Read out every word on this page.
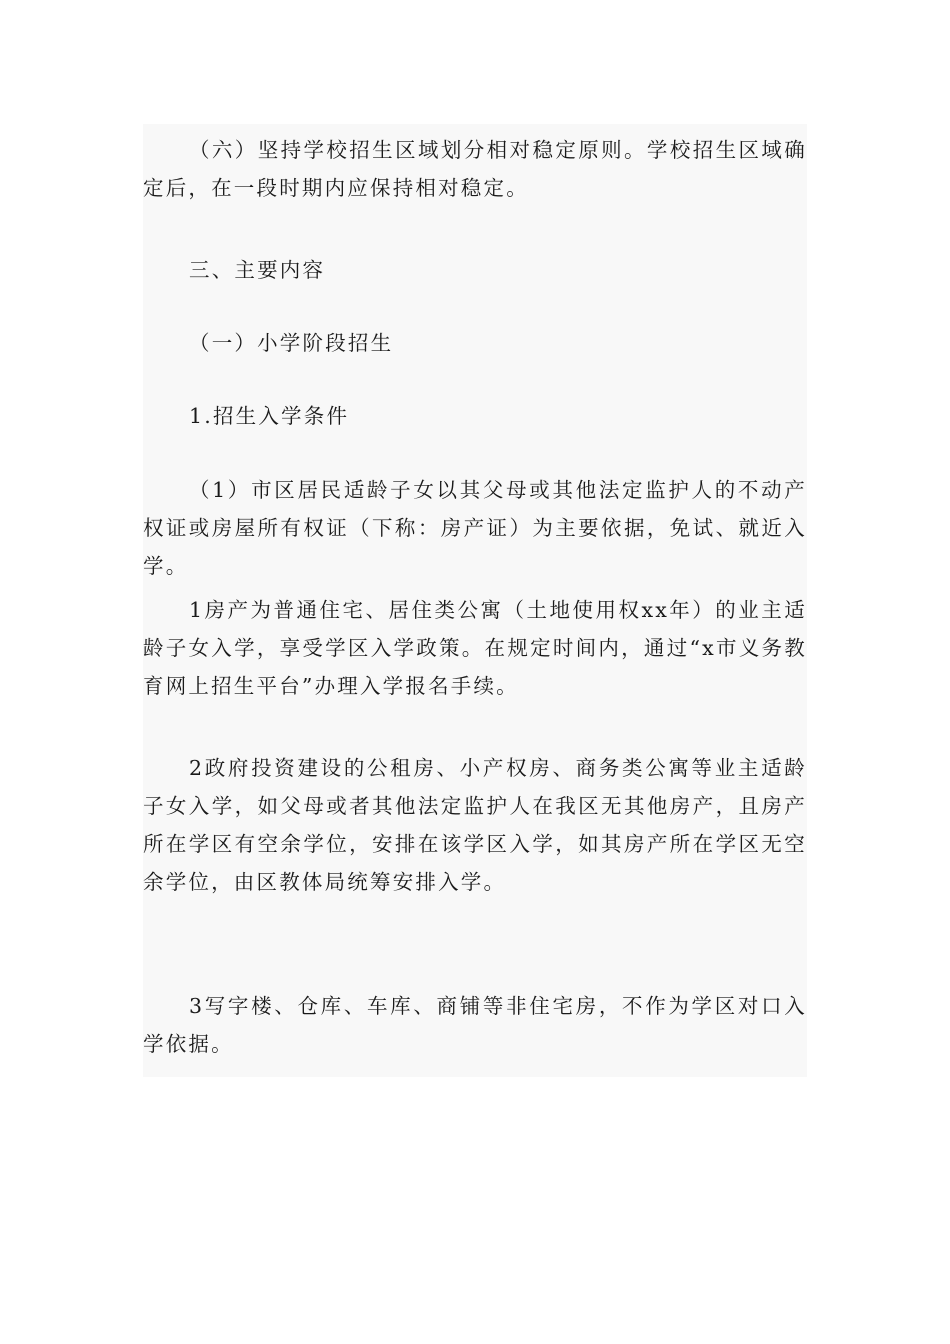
（六）坚持学校招生区域划分相对稳定原则。学校招生区域确定后，在一段时期内应保持相对稳定。

三、主要内容

（一）小学阶段招生

1.招生入学条件

（1）市区居民适龄子女以其父母或其他法定监护人的不动产权证或房屋所有权证（下称：房产证）为主要依据，免试、就近入学。

1房产为普通住宅、居住类公寓（土地使用权xx年）的业主适龄子女入学，享受学区入学政策。在规定时间内，通过“x市义务教育网上招生平台”办理入学报名手续。

2政府投资建设的公租房、小产权房、商务类公寓等业主适龄子女入学，如父母或者其他法定监护人在我区无其他房产，且房产所在学区有空余学位，安排在该学区入学，如其房产所在学区无空余学位，由区教体局统筹安排入学。

3写字楼、仓库、车库、商铺等非住宅房，不作为学区对口入学依据。
